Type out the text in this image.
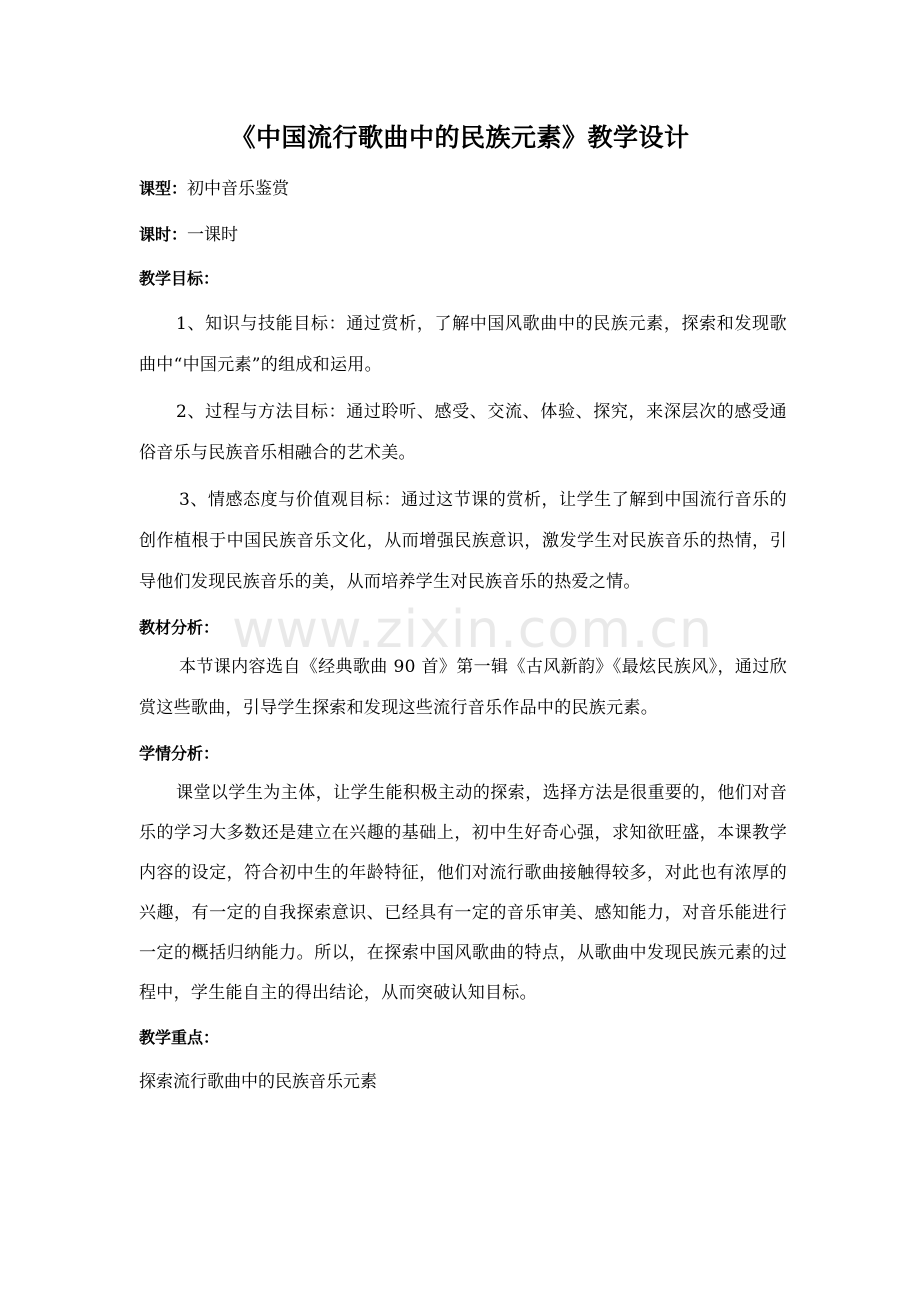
《中国流行歌曲中的民族元素》教学设计

课型：初中音乐鉴赏

课时：一课时

教学目标：

1、知识与技能目标：通过赏析，了解中国风歌曲中的民族元素，探索和发现歌曲中“中国元素”的组成和运用。

2、过程与方法目标：通过聆听、感受、交流、体验、探究，来深层次的感受通俗音乐与民族音乐相融合的艺术美。

3、情感态度与价值观目标：通过这节课的赏析，让学生了解到中国流行音乐的创作植根于中国民族音乐文化，从而增强民族意识，激发学生对民族音乐的热情，引导他们发现民族音乐的美，从而培养学生对民族音乐的热爱之情。

教材分析：

本节课内容选自《经典歌曲 90 首》第一辑《古风新韵》《最炫民族风》，通过欣赏这些歌曲，引导学生探索和发现这些流行音乐作品中的民族元素。

学情分析：

课堂以学生为主体，让学生能积极主动的探索，选择方法是很重要的，他们对音乐的学习大多数还是建立在兴趣的基础上，初中生好奇心强，求知欲旺盛，本课教学内容的设定，符合初中生的年龄特征，他们对流行歌曲接触得较多，对此也有浓厚的兴趣，有一定的自我探索意识、已经具有一定的音乐审美、感知能力，对音乐能进行一定的概括归纳能力。所以，在探索中国风歌曲的特点，从歌曲中发现民族元素的过程中，学生能自主的得出结论，从而突破认知目标。

教学重点：

探索流行歌曲中的民族音乐元素

www.zixin.com.cn
